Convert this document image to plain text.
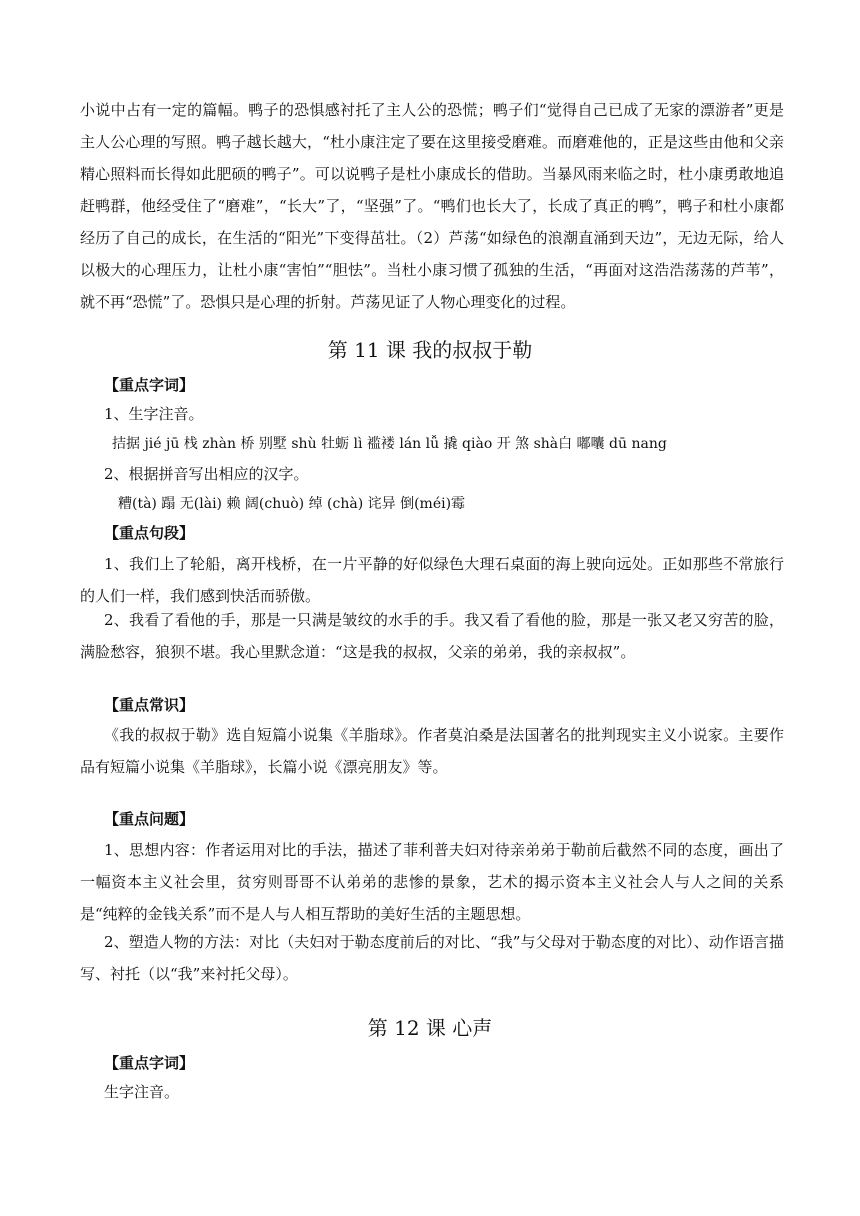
小说中占有一定的篇幅。鸭子的恐惧感衬托了主人公的恐慌；鸭子们“觉得自己已成了无家的漂游者”更是主人公心理的写照。鸭子越长越大，“杜小康注定了要在这里接受磨难。而磨难他的，正是这些由他和父亲精心照料而长得如此肥硕的鸭子”。可以说鸭子是杜小康成长的借助。当暴风雨来临之时，杜小康勇敢地追赶鸭群，他经受住了“磨难”，“长大”了，“坚强”了。“鸭们也长大了，长成了真正的鸭”，鸭子和杜小康都经历了自己的成长，在生活的“阳光”下变得茁壮。（2）芦荡“如绿色的浪潮直涌到天边”，无边无际，给人以极大的心理压力，让杜小康“害怕”“胆怯”。当杜小康习惯了孤独的生活，“再面对这浩浩荡荡的芦苇”，就不再“恐慌”了。恐惧只是心理的折射。芦荡见证了人物心理变化的过程。

第 11 课 我的叔叔于勒

【重点字词】

1、生字注音。

拮据 jié jū 栈 zhàn 桥 别墅 shù 牡蛎 lì 褴褛 lán lǚ 撬 qiào 开 煞 shà白 嘟囔 dū nang

2、根据拼音写出相应的汉字。

糟(tà) 蹋 无(lài) 赖 阔(chuò) 绰 (chà) 诧异 倒(méi)霉

【重点句段】

1、我们上了轮船，离开栈桥，在一片平静的好似绿色大理石桌面的海上驶向远处。正如那些不常旅行的人们一样，我们感到快活而骄傲。

2、我看了看他的手，那是一只满是皱纹的水手的手。我又看了看他的脸，那是一张又老又穷苦的脸，满脸愁容，狼狈不堪。我心里默念道：“这是我的叔叔，父亲的弟弟，我的亲叔叔”。

【重点常识】

《我的叔叔于勒》选自短篇小说集《羊脂球》。作者莫泊桑是法国著名的批判现实主义小说家。主要作品有短篇小说集《羊脂球》，长篇小说《漂亮朋友》等。

【重点问题】

1、思想内容：作者运用对比的手法，描述了菲利普夫妇对待亲弟弟于勒前后截然不同的态度，画出了一幅资本主义社会里，贫穷则哥哥不认弟弟的悲惨的景象，艺术的揭示资本主义社会人与人之间的关系是“纯粹的金钱关系”而不是人与人相互帮助的美好生活的主题思想。

2、塑造人物的方法：对比（夫妇对于勒态度前后的对比、“我”与父母对于勒态度的对比）、动作语言描写、衬托（以“我”来衬托父母）。

第 12 课 心声

【重点字词】

生字注音。
